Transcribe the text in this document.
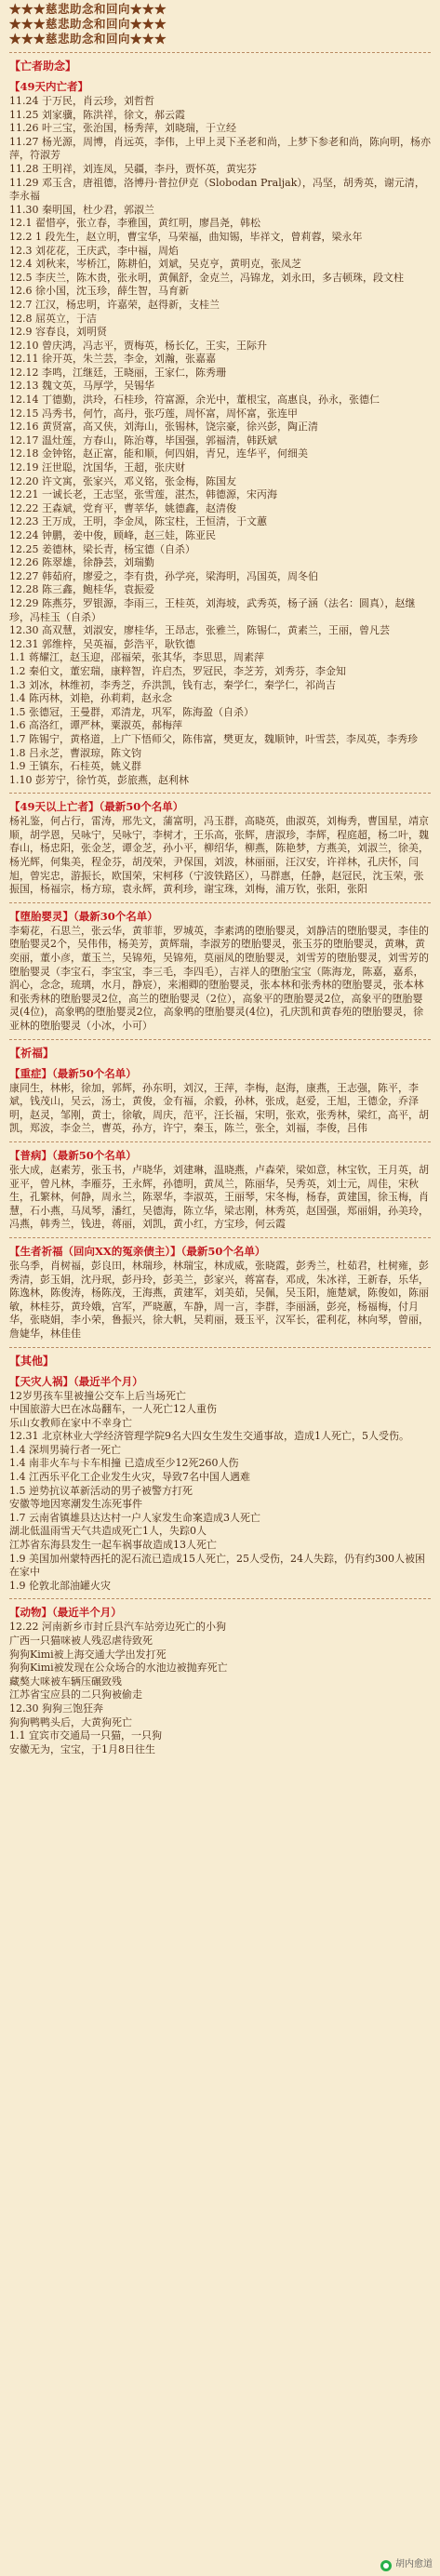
★★★慈悲助念和回向★★★
★★★慈悲助念和回向★★★
★★★慈悲助念和回向★★★
【亡者助念】
【49天内亡者】
11.24 于万民，肖云珍，刘哲哲
11.25 刘家骥，陈洪祥，徐文，郝云霞
11.26 叶三宝，张治国，杨秀萍，刘晓瑞，于立经
11.27 杨光源，周博，肖远英，李伟，上甲上灵下圣老和尚，上梦下参老和尚，陈向明，杨亦萍，符淑芳
11.28 王明祥，刘连凤，吴疆，李丹，贾怀英，黄宪芬
11.29 邓玉含，唐祖德，洛博丹·普拉伊克（Slobodan Praljak），冯坚，胡秀英，谢元清，李永福
11.30 秦明国，杜少君，郭淑兰
12.1 翟惜亭，张立春，李雅国，黄红明，廖昌尧，韩松
12.2 1 段先生，赵立明，曹宝华，马荣福，曲知锡，毕祥文，曾莉蓉，梁永年
12.3 刘花花，王庆武，李中福，周焰
12.4 刘秋来，岑桥江，陈耕伯，刘斌，吴克亨，黄明克，张凤芝
12.5 李庆兰，陈木贵，张永明，黄佩舒，金克兰，冯锦龙，刘永田，多吉顿珠，段文柱
12.6 徐小国，沈玉珍，薛生智，马育新
12.7 江汉，杨忠明，许嘉荣，赵得新，支桂兰
12.8 屈英立，于洁
12.9 容春良，刘明贤
12.10 曾庆鸿，冯志平，贾梅英，杨长亿，王实，王际升
12.11 徐开英，朱兰芸，李金，刘瀚，张嘉嘉
12.12 李鸣，江继廷，王晓丽，王家仁，陈秀珊
12.13 魏文英，马厚学，吴锡华
12.14 丁德勤，洪玲，石桂珍，符富源，余光中，董根宝，高惠良，孙永，张德仁
12.15 冯秀书，何竹，高丹，张巧莲，周怀富，周怀富，张连甲
12.16 黄贤富，高又侠，刘海山，张锡林，饶宗豪，徐兴彭，陶正清
12.17 温灶莲，方春山，陈治尊，毕国强，郭福清，韩跃斌
12.18 金钟铭，赵正富，能和顺，何四娟，青兄，连华平，何细美
12.19 汪世聪，沈国华，王超，张庆财
12.20 许文寓，张家兴，邓义铭，张金梅，陈国友
12.21 一诚长老，王志坚，张雪莲，湛杰，韩德源，宋丙海
12.22 王森斌，党育平，曹莘华，姚德鑫，赵清俊
12.23 王万成，王明，李金凤，陈宝柱，王恒清，于文蕙
12.24 钟鹏，姜中俊，顾峰，赵三娃，陈亚民
12.25 姜德林，梁长青，杨宝德（自杀）
12.26 陈翠雄，徐静芸，刘瑞勤
12.27 韩茹府，廖爱之，李有贵，孙学亮，梁海明，冯国英，周冬伯
12.28 陈三鑫，鲍桂华，袁振爱
12.29 陈燕芬，罗银源，李雨三，王桂英，刘海坡，武秀英，杨子涵（法名：圆真），赵继珍，冯桂玉（自杀）
12.30 高双慧，刘淑安，廖桂华，王昂志，张雅兰，陈锡仁，黄素兰，王丽，曾凡芸
12.31 郭维梓，吴英福，彭浩平，耿钦德
1.1 蒋耀江，赵玉迎，邵福荣，张其华，李思思，周素萍
1.2 秦伯文，董宏瑞，康粹智，许启杰，罗冠民，李芝芳，刘秀芬，李金知
1.3 刘冰，林维初，李秀芝，乔洪凯，钱有志，秦学仁，秦学仁，祁尚吉
1.4 陈丙林，刘艳，孙莉莉，赵永念
1.5 张德冠，王曼群，邓清龙，巩军，陈海盈（自杀）
1.6 高洛红，谭严林，粟淑英，郝梅萍
1.7 陈锡宁，黄格道，上广下悟师父，陈伟富，樊更友，魏顺钟，叶雪芸，李凤英，李秀珍
1.8 吕永芝，曹淑琼，陈文钧
1.9 王镇东，石桂英，姚义群
1.10 彭芳宁，徐竹英，彭旅燕，赵利林
【49天以上亡者】（最新50个名单）
杨礼鉴，何占行，雷涛，邢先文，蒲富明，冯玉群，高晓英，曲淑英，刘梅秀，曹国星，靖京顺，胡学恩，吴咏宁，吴咏宁，李树才，王乐高，张辉，唐淑珍，李辉，程庭超，杨二叶，魏春山，杨忠阳，张金芝，谭金芝，孙小平，柳绍华，柳燕，陈艳梦，方燕美，刘淑兰，徐美，杨光辉，何集美，程金芬，胡茂荣，尹保国，刘波，林丽丽，汪汉安，许祥林，孔庆怀，闫旭，曾宪忠，游振长，欧国荣，宋柯移（宁波铁路区），马群惠，任静，赵冠民，沈玉荣，张振国，杨福宗，杨方琼，袁永辉，黄利珍，谢宝珠，刘梅，浦万钦，张阳，张阳
【堕胎婴灵】（最新30个名单）
李菊花，石思兰，张云华，黄菲菲，罗城英，李素鸿的堕胎婴灵，刘静洁的堕胎婴灵，李佳的堕胎婴灵2个，吴伟伟，杨美芳，黄辉瑞，李淑芳的堕胎婴灵，张玉芬的堕胎婴灵，黄琳，黄奕丽，董小彦，董玉兰，吴锦苑，吴锦苑，莫丽凤的堕胎婴灵，刘雪芳的堕胎婴灵，刘雪芳的堕胎婴灵（李宝石，李宝宝，李三毛，李四毛），吉祥人的堕胎宝宝（陈海龙，陈嘉，嘉系，润心，念念，琉璃，水月，静宸），来湘卿的堕胎婴灵，张本林和张秀林的堕胎婴灵，张本林和张秀林的堕胎婴灵2位，高兰的堕胎婴灵（2位），高象平的堕胎婴灵2位，高象平的堕胎婴灵(4位)，高象鸭的堕胎婴灵2位，高象鸭的堕胎婴灵(4位)，孔庆凯和黄春苑的堕胎婴灵，徐亚林的堕胎婴灵（小冰，小可）
【祈福】
【重症】（最新50个名单）
康同生，林彬，徐加，郭辉，孙东明，刘汉，王萍，李梅，赵海，康燕，王志强，陈平，李斌，钱茂山，吴云，汤士，黄俊，金有福，余毅，孙林，张成，赵爱，王旭，王德金，乔泽明，赵灵，邹刚，黄士，徐敏，周庆，范平，汪长福，宋明，张欢，张秀林，梁红，高平，胡凯，郑波，李金兰，曹英，孙方，许宁，秦玉，陈兰，张全，刘福，李俊，吕伟
【普病】（最新50个名单）
张大成，赵素芳，张玉书，卢晓华，刘建琳，温晓燕，卢森荣，梁如意，林宝钦，王月英，胡亚平，曾凡林，李雁芬，王永辉，孙德明，黄凤兰，陈丽华，吴秀英，刘士元，周佳，宋秋生，孔繁林，何静，周永兰，陈翠华，李淑英，王丽琴，宋冬梅，杨春，黄建国，徐玉梅，肖慧，石小燕，马凤琴，潘红，吴德海，陈立华，梁志刚，林秀英，赵国强，郑丽娟，孙美玲，冯燕，韩秀兰，钱进，蒋丽，刘凯，黄小红，方宝珍，何云霞
【生者祈福（回向XX的冤亲债主）】（最新50个名单）
张乌季，肖树福，彭良田，林瑞珍，林瑞宝，林成威，张晓霞，彭秀兰，杜茹君，杜树雍，彭秀清，彭玉娟，沈丹珉，彭丹玲，彭美兰，彭家兴，蒋富春，邓成，朱冰祥，王新春，乐华，陈逸林，陈俊涛，杨陈茂，王海燕，黄建军，刘美茹，吴佩，吴玉阳，施楚斌，陈俊如，陈丽敏，林桂芬，黄玲娥，宫军，严晓蕙，车静，周一言，李群，李丽涵，彭亮，杨福梅，付月华，张晓娟，李小荣，鲁振兴，徐大帆，吴莉丽，聂玉平，汉军长，霍利花，林向琴，曾丽，詹婕华，林佳佳
【其他】
【天灾人祸】（最近半个月）
12岁男孩车里被撞公交车上后当场死亡
中国旅游大巴在冰岛翻车，一人死亡12人重伤
乐山女教师在家中不幸身亡
12.31 北京林业大学经济管理学院9名大四女生发生交通事故，造成1人死亡，5人受伤。
1.4 深圳男骑行者一死亡
1.4 南非火车与卡车相撞 已造成至少12死260人伤
1.4 江西乐平化工企业发生火灾，导致7名中国人遇难
1.5 逆势抗议革新活动的男子被警方打死
安徽等地因寒潮发生冻死事件
1.7 云南省镇雄县达达村一户人家发生命案造成3人死亡
湖北低温雨雪天气共造成死亡1人，失踪0人
江苏省东海县发生一起车祸事故造成13人死亡
1.9 美国加州蒙特西托的泥石流已造成15人死亡，25人受伤，24人失踪，仍有约300人被困在家中
1.9 伦敦北部油罐火灾
【动物】（最近半个月）
12.22 河南新乡市封丘县汽车站旁边死亡的小狗
广西一只猫咪被人残忍虐待致死
狗狗Kimi被上海交通大学出发打死
狗狗Kimi被发现在公众场合的水池边被抛弃死亡
藏獒大咪被车辆压碾致残
江苏省宝应县的二只狗被偷走
12.30 狗狗三饱狂奔
狗狗鸭鸭头后，大黄狗死亡
1.1 宜宾市交通局一只猫，一只狗
安徽无为，宝宝，于1月8日往生
胡内愈道
